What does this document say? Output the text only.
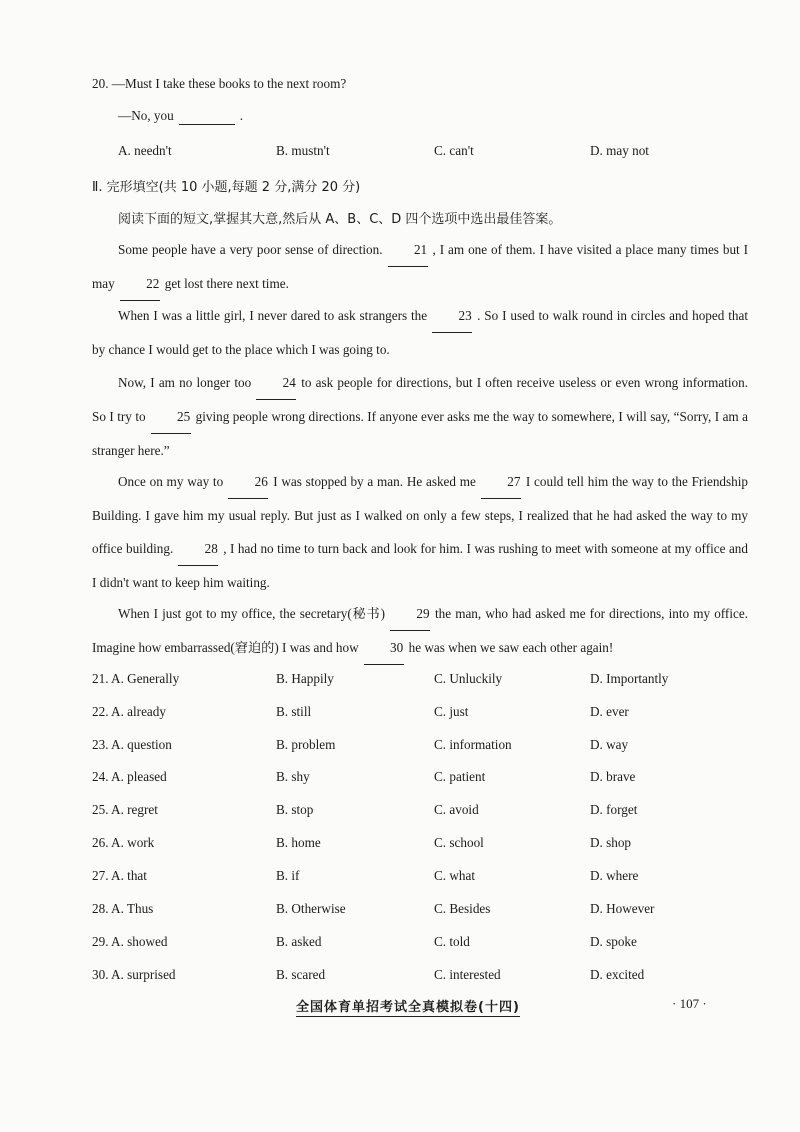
20. —Must I take these books to the next room?
—No, you	.
A. needn't	B. mustn't	C. can't	D. may not
Ⅱ. 完形填空(共 10 小题,每题 2 分,满分 20 分)
阅读下面的短文,掌握其大意,然后从 A、B、C、D 四个选项中选出最佳答案。
Some people have a very poor sense of direction. 21 , I am one of them. I have visited a place many times but I may 22 get lost there next time.
When I was a little girl, I never dared to ask strangers the 23 . So I used to walk round in circles and hoped that by chance I would get to the place which I was going to.
Now, I am no longer too 24 to ask people for directions, but I often receive useless or even wrong information. So I try to 25 giving people wrong directions. If anyone ever asks me the way to somewhere, I will say, “Sorry, I am a stranger here.”
Once on my way to 26 I was stopped by a man. He asked me 27 I could tell him the way to the Friendship Building. I gave him my usual reply. But just as I walked on only a few steps, I realized that he had asked the way to my office building. 28 , I had no time to turn back and look for him. I was rushing to meet with someone at my office and I didn't want to keep him waiting.
When I just got to my office, the secretary(秘书) 29 the man, who had asked me for directions, into my office. Imagine how embarrassed(窘迫的) I was and how 30 he was when we saw each other again!
21. A. Generally	B. Happily	C. Unluckily	D. Importantly
22. A. already	B. still	C. just	D. ever
23. A. question	B. problem	C. information	D. way
24. A. pleased	B. shy	C. patient	D. brave
25. A. regret	B. stop	C. avoid	D. forget
26. A. work	B. home	C. school	D. shop
27. A. that	B. if	C. what	D. where
28. A. Thus	B. Otherwise	C. Besides	D. However
29. A. showed	B. asked	C. told	D. spoke
30. A. surprised	B. scared	C. interested	D. excited
全国体育单招考试全真模拟卷(十四)	· 107 ·
